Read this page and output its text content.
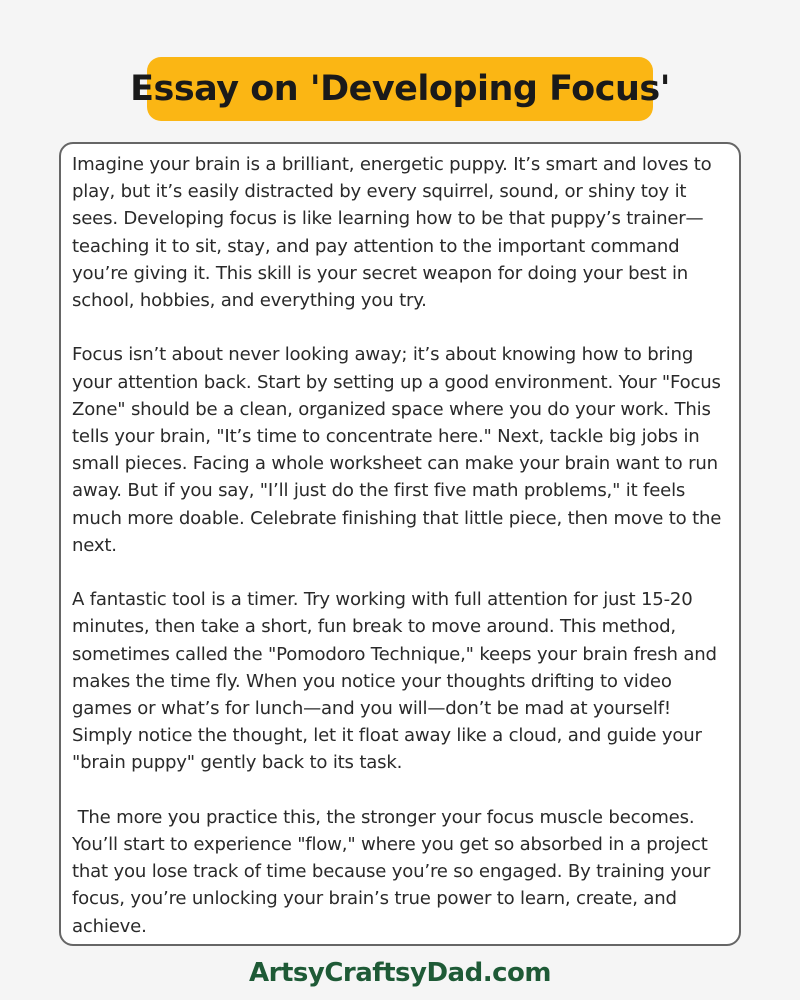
Essay on 'Developing Focus'

Imagine your brain is a brilliant, energetic puppy. It’s smart and loves to play, but it’s easily distracted by every squirrel, sound, or shiny toy it sees. Developing focus is like learning how to be that puppy’s trainer—teaching it to sit, stay, and pay attention to the important command you’re giving it. This skill is your secret weapon for doing your best in school, hobbies, and everything you try.

Focus isn’t about never looking away; it’s about knowing how to bring your attention back. Start by setting up a good environment. Your "Focus Zone" should be a clean, organized space where you do your work. This tells your brain, "It’s time to concentrate here." Next, tackle big jobs in small pieces. Facing a whole worksheet can make your brain want to run away. But if you say, "I’ll just do the first five math problems," it feels much more doable. Celebrate finishing that little piece, then move to the next.

A fantastic tool is a timer. Try working with full attention for just 15-20 minutes, then take a short, fun break to move around. This method, sometimes called the "Pomodoro Technique," keeps your brain fresh and makes the time fly. When you notice your thoughts drifting to video games or what’s for lunch—and you will—don’t be mad at yourself! Simply notice the thought, let it float away like a cloud, and guide your "brain puppy" gently back to its task.

The more you practice this, the stronger your focus muscle becomes. You’ll start to experience "flow," where you get so absorbed in a project that you lose track of time because you’re so engaged. By training your focus, you’re unlocking your brain’s true power to learn, create, and achieve.

ArtsyCraftsyDad.com
